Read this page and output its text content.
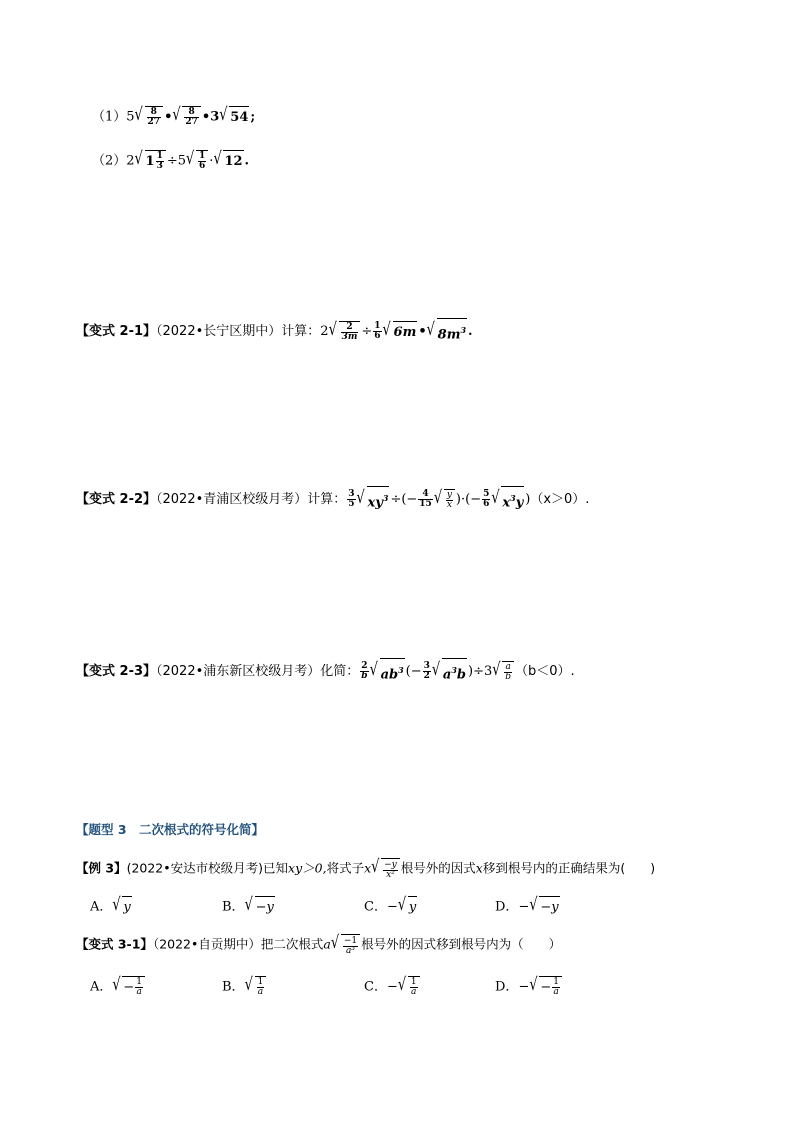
（1）5 √ $\frac{8}{27}$ • √ $\frac{8}{27}$ •3 √ 54 ;
（2）2 √ $1 \frac{1}{3} \div 5$ √ $\frac{1}{6}$ · √ 12 .
【变式 2-1】（2022•长宁区期中）计算：2 √ $\frac{2}{3m} \div \frac{1}{6}$ √ 6m • √ $8m^3$ .
【变式 2-2】（2022•青浦区校级月考）计算： $\frac{3}{5}$ √ $xy^3$ ÷(− $\frac{4}{15}$ √ $\frac{y}{x}$ )·(− $\frac{5}{6}$ √ $x^3y$ )（x＞0）.
【变式 2-3】（2022•浦东新区校级月考）化简： $\frac{2}{b}$ √ $ab^3$ (− $\frac{3}{2}$ √ $a^3b$ )÷3 √ $\frac{a}{b} (b<0)$.
【题型 3　二次根式的符号化简】
【例 3】(2022•安达市校级月考)已知xy＞0,将式子x √ $\frac{-y}{\text{x²}}$ 根号外的因式x移到根号内的正确结果为(　　)
A． √ y	B． √ −y	C．− √ y	D．− √ −y
【变式 3-1】（2022•自贡期中）把二次根式a √ $\frac{-1}{\text{a³}}$ 根号外的因式移到根号内为（　　）
A． √ − $\frac{1}{a}$	B． √ $\frac{1}{a}$	C．− √ $\frac{1}{a}$	D．− √ − $\frac{1}{a}$
